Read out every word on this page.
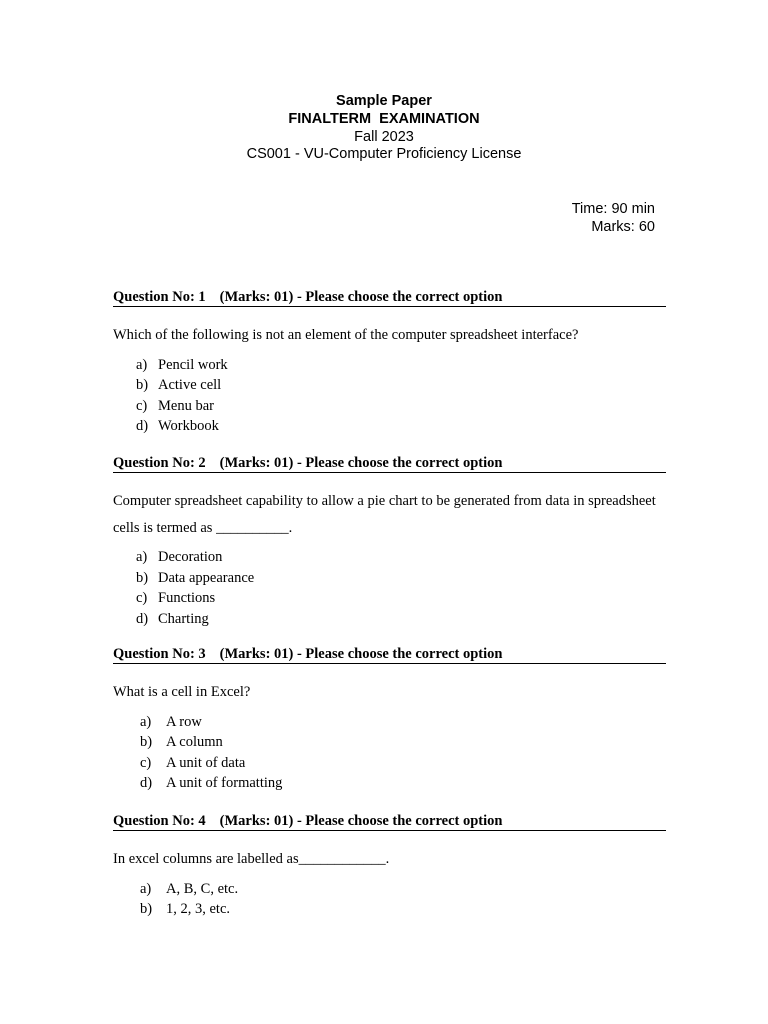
Sample Paper
FINALTERM  EXAMINATION
Fall 2023
CS001 - VU-Computer Proficiency License
Time: 90 min
Marks: 60
Question No: 1 (Marks: 01) - Please choose the correct option
Which of the following is not an element of the computer spreadsheet interface?
a) Pencil work
b) Active cell
c) Menu bar
d) Workbook
Question No: 2 (Marks: 01) - Please choose the correct option
Computer spreadsheet capability to allow a pie chart to be generated from data in spreadsheet cells is termed as __________.
a) Decoration
b) Data appearance
c) Functions
d) Charting
Question No: 3 (Marks: 01) - Please choose the correct option
What is a cell in Excel?
a)	A row
b) A column
c)	A unit of data
d) A unit of formatting
Question No: 4 (Marks: 01) - Please choose the correct option
In excel columns are labelled as____________.
a)	A, B, C, etc.
b) 1, 2, 3, etc.
